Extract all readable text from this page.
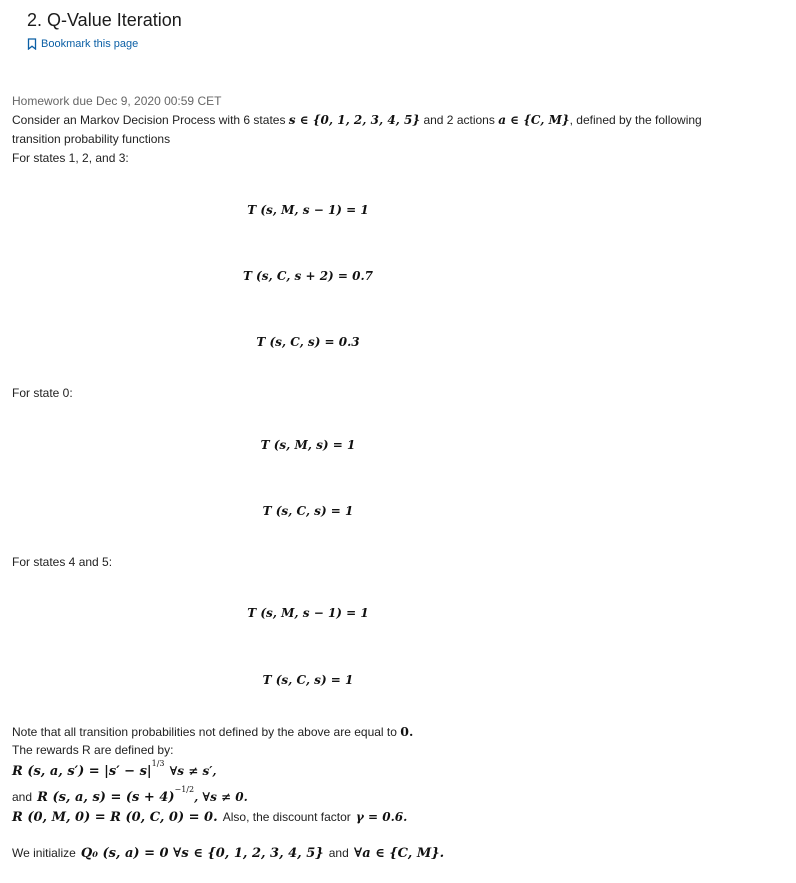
2. Q-Value Iteration
Bookmark this page
Homework due Dec 9, 2020 00:59 CET
Consider an Markov Decision Process with 6 states s ∈ {0, 1, 2, 3, 4, 5} and 2 actions a ∈ {C, M}, defined by the following
transition probability functions
For states 1, 2, and 3:
T (s, M, s − 1) = 1
T (s, C, s + 2) = 0.7
T (s, C, s) = 0.3
For state 0:
T (s, M, s) = 1
T (s, C, s) = 1
For states 4 and 5:
T (s, M, s − 1) = 1
T (s, C, s) = 1
Note that all transition probabilities not defined by the above are equal to 0.
The rewards R are defined by:
R (s, a, $s') = |s' - s|^{1/3}$ ∀s ≠ s′,
and R (s, a, $s) = (s + 4)^{-1/2}$, ∀s ≠ 0.
R (0, M, 0) = R (0, C, 0) = 0. Also, the discount factor γ = 0.6.
We initialize Q₀ (s, a) = 0 ∀s ∈ {0, 1, 2, 3, 4, 5} and ∀a ∈ {C, M}.
